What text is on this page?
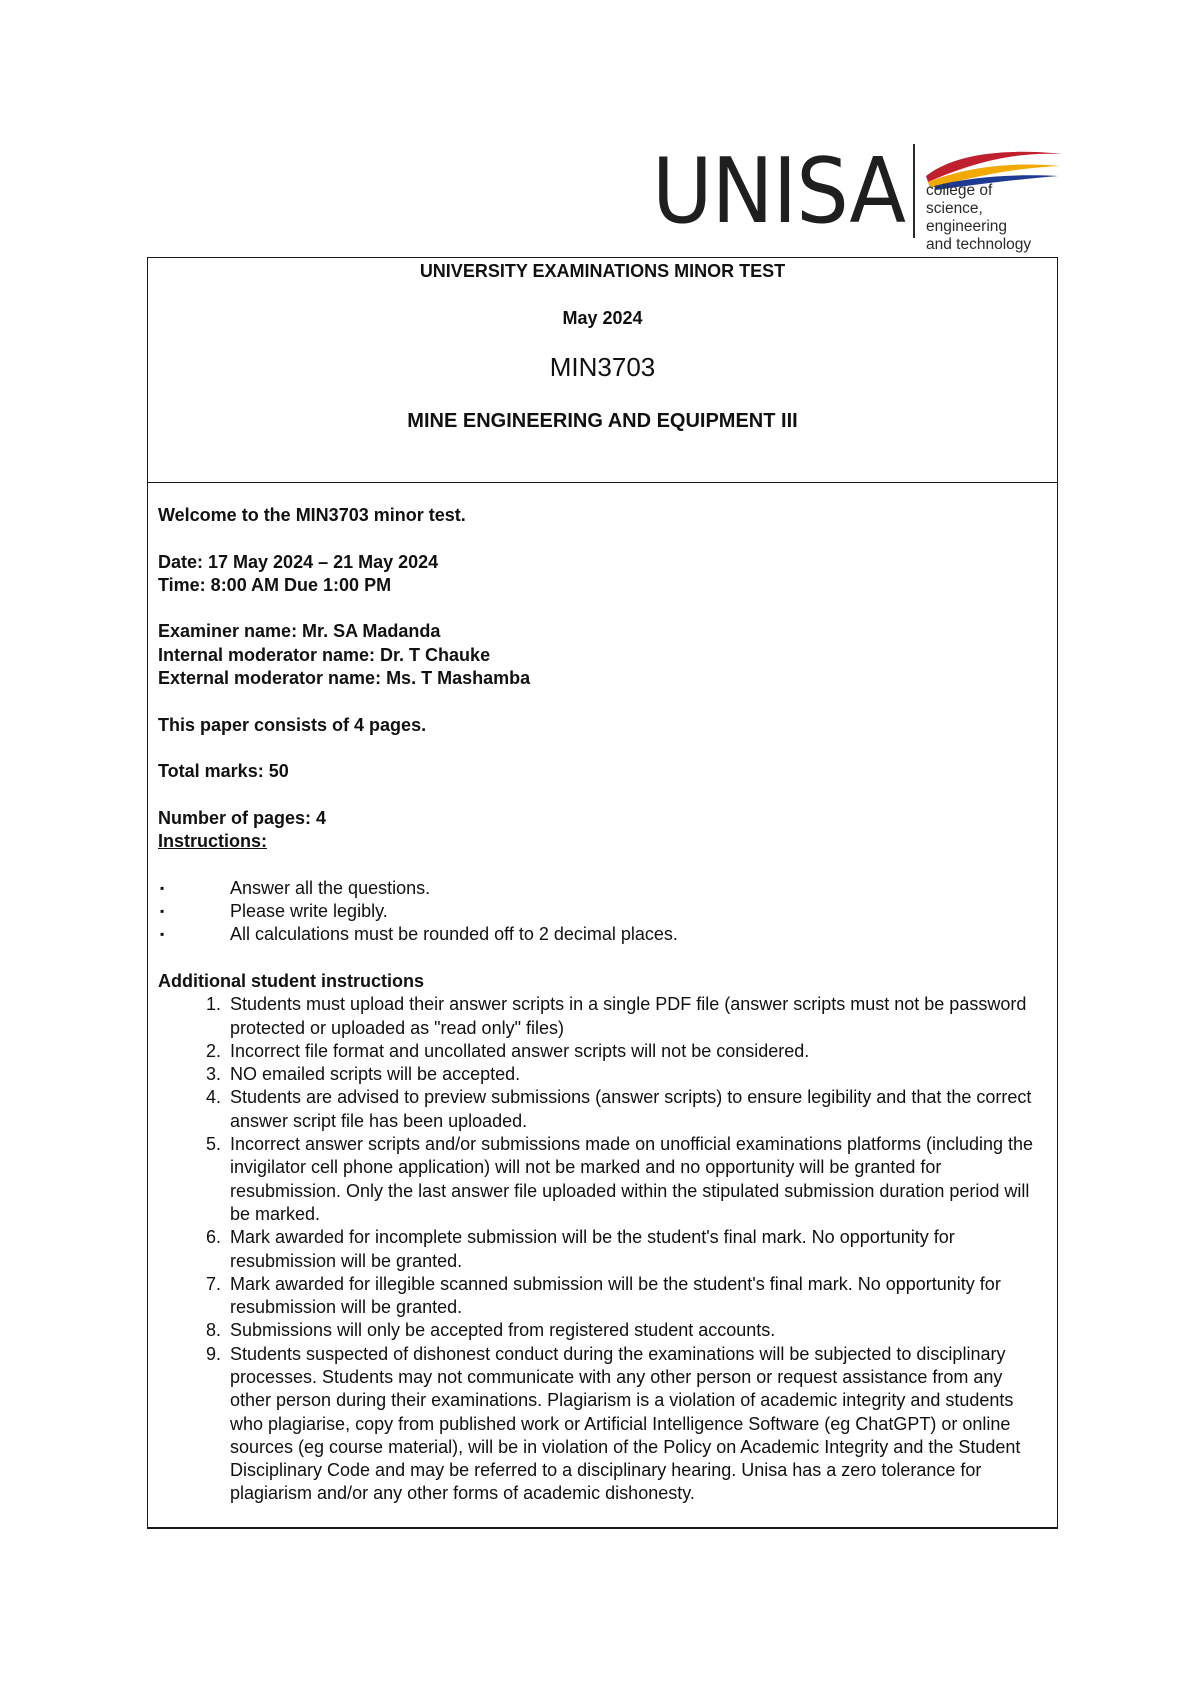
UNISA college of
science, engineering
and technology
UNIVERSITY EXAMINATIONS MINOR TEST
May 2024
MIN3703
MINE ENGINEERING AND EQUIPMENT III

Welcome to the MIN3703 minor test.

Date: 17 May 2024 – 21 May 2024

Time: 8:00 AM Due 1:00 PM

Examiner name: Mr. SA Madanda

Internal moderator name: Dr. T Chauke

External moderator name: Ms. T Mashamba

This paper consists of 4 pages.

Total marks: 50

Number of pages: 4

Instructions:

▪	Answer all the questions.
▪	Please write legibly.
▪	All calculations must be rounded off to 2 decimal places.

Additional student instructions

1. Students must upload their answer scripts in a single PDF file (answer scripts must not be password protected or uploaded as "read only" files)
2. Incorrect file format and uncollated answer scripts will not be considered.
3. NO emailed scripts will be accepted.
4. Students are advised to preview submissions (answer scripts) to ensure legibility and that the correct answer script file has been uploaded.
5. Incorrect answer scripts and/or submissions made on unofficial examinations platforms (including the invigilator cell phone application) will not be marked and no opportunity will be granted for resubmission. Only the last answer file uploaded within the stipulated submission duration period will be marked.
6. Mark awarded for incomplete submission will be the student's final mark. No opportunity for resubmission will be granted.
7. Mark awarded for illegible scanned submission will be the student's final mark. No opportunity for resubmission will be granted.
8. Submissions will only be accepted from registered student accounts.
9. Students suspected of dishonest conduct during the examinations will be subjected to disciplinary processes. Students may not communicate with any other person or request assistance from any other person during their examinations. Plagiarism is a violation of academic integrity and students who plagiarise, copy from published work or Artificial Intelligence Software (eg ChatGPT) or online sources (eg course material), will be in violation of the Policy on Academic Integrity and the Student Disciplinary Code and may be referred to a disciplinary hearing. Unisa has a zero tolerance for plagiarism and/or any other forms of academic dishonesty.
